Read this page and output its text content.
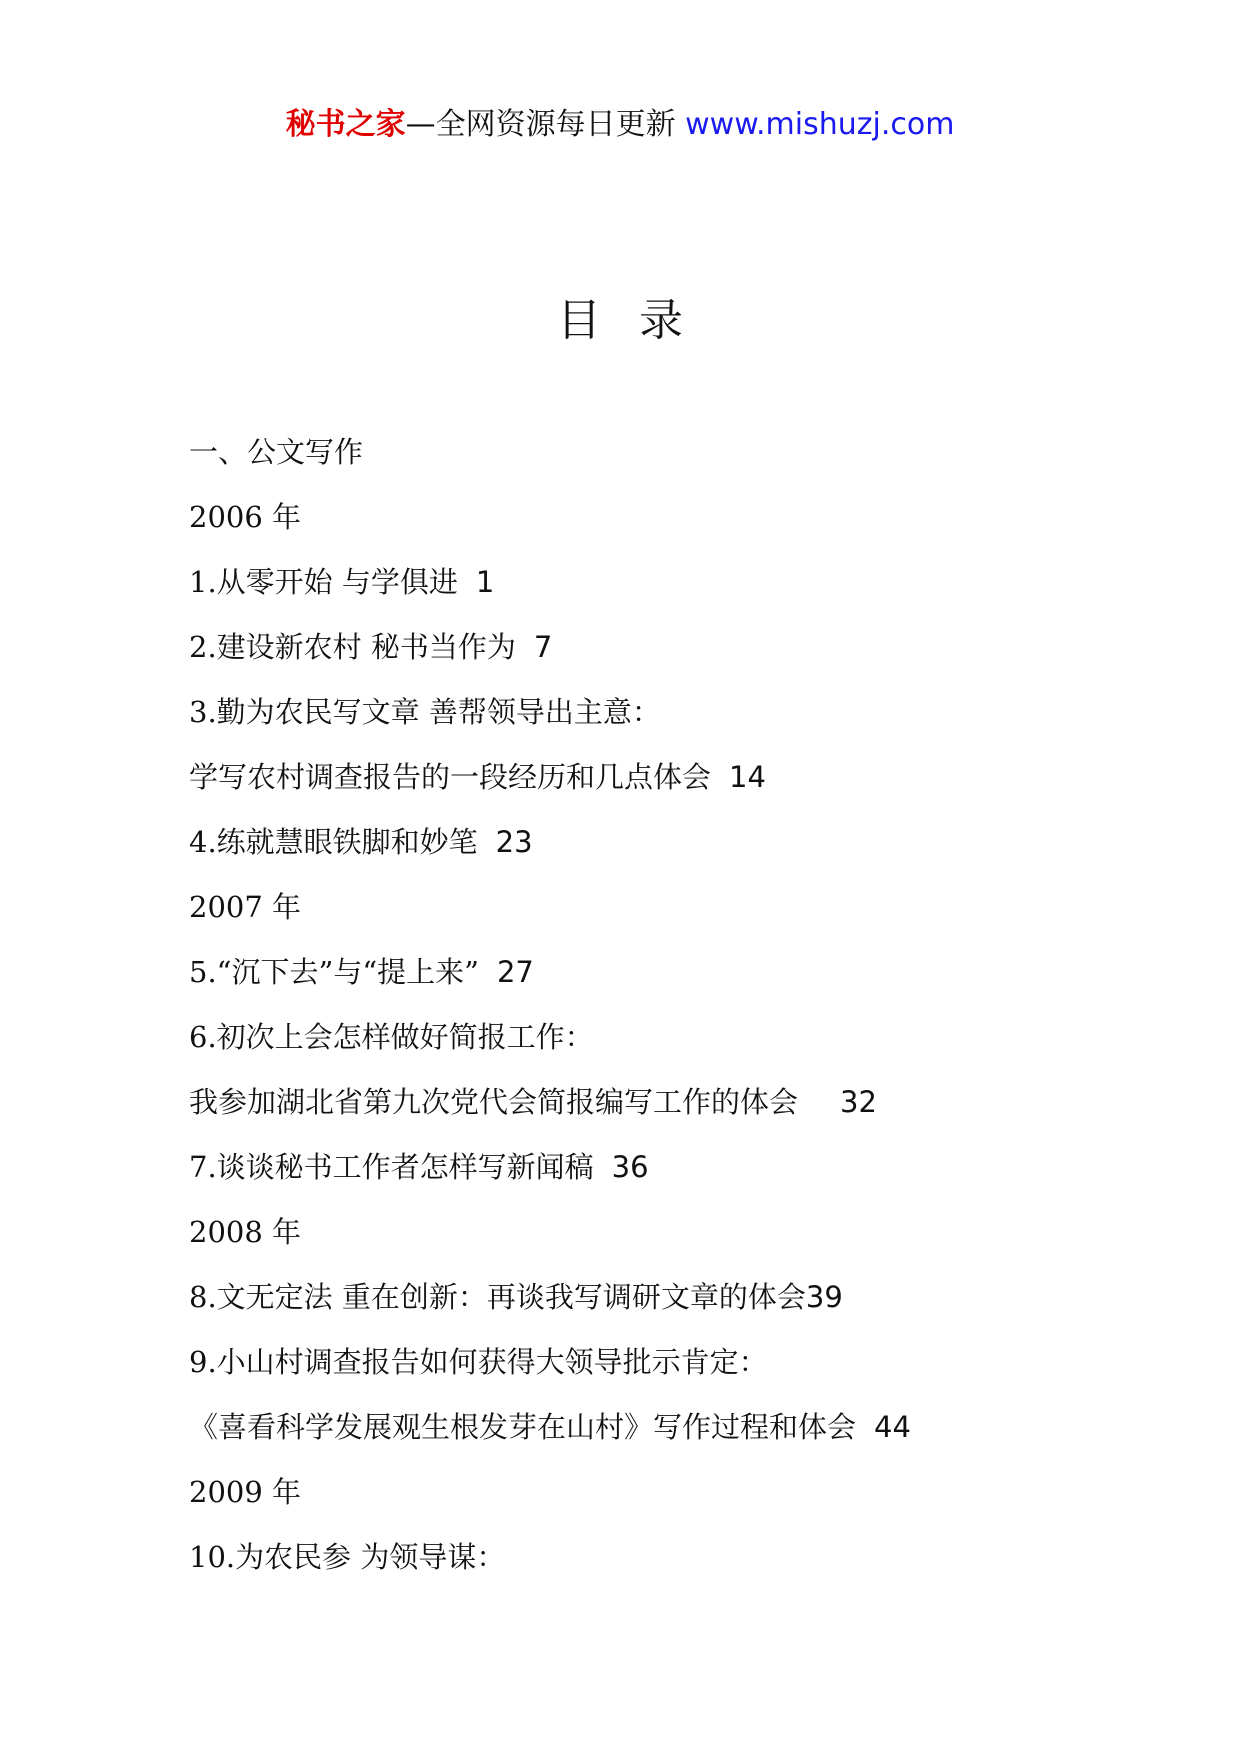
秘书之家—全网资源每日更新 www.mishuzj.com
目录
一、公文写作
2006 年
1.从零开始 与学俱进 1
2.建设新农村 秘书当作为 7
3.勤为农民写文章 善帮领导出主意：
学写农村调查报告的一段经历和几点体会 14
4.练就慧眼铁脚和妙笔 23
2007 年
5.“沉下去”与“提上来” 27
6.初次上会怎样做好简报工作：
我参加湖北省第九次党代会简报编写工作的体会 32
7.谈谈秘书工作者怎样写新闻稿 36
2008 年
8.文无定法 重在创新：再谈我写调研文章的体会39
9.小山村调查报告如何获得大领导批示肯定：
《喜看科学发展观生根发芽在山村》写作过程和体会 44
2009 年
10.为农民参 为领导谋：
